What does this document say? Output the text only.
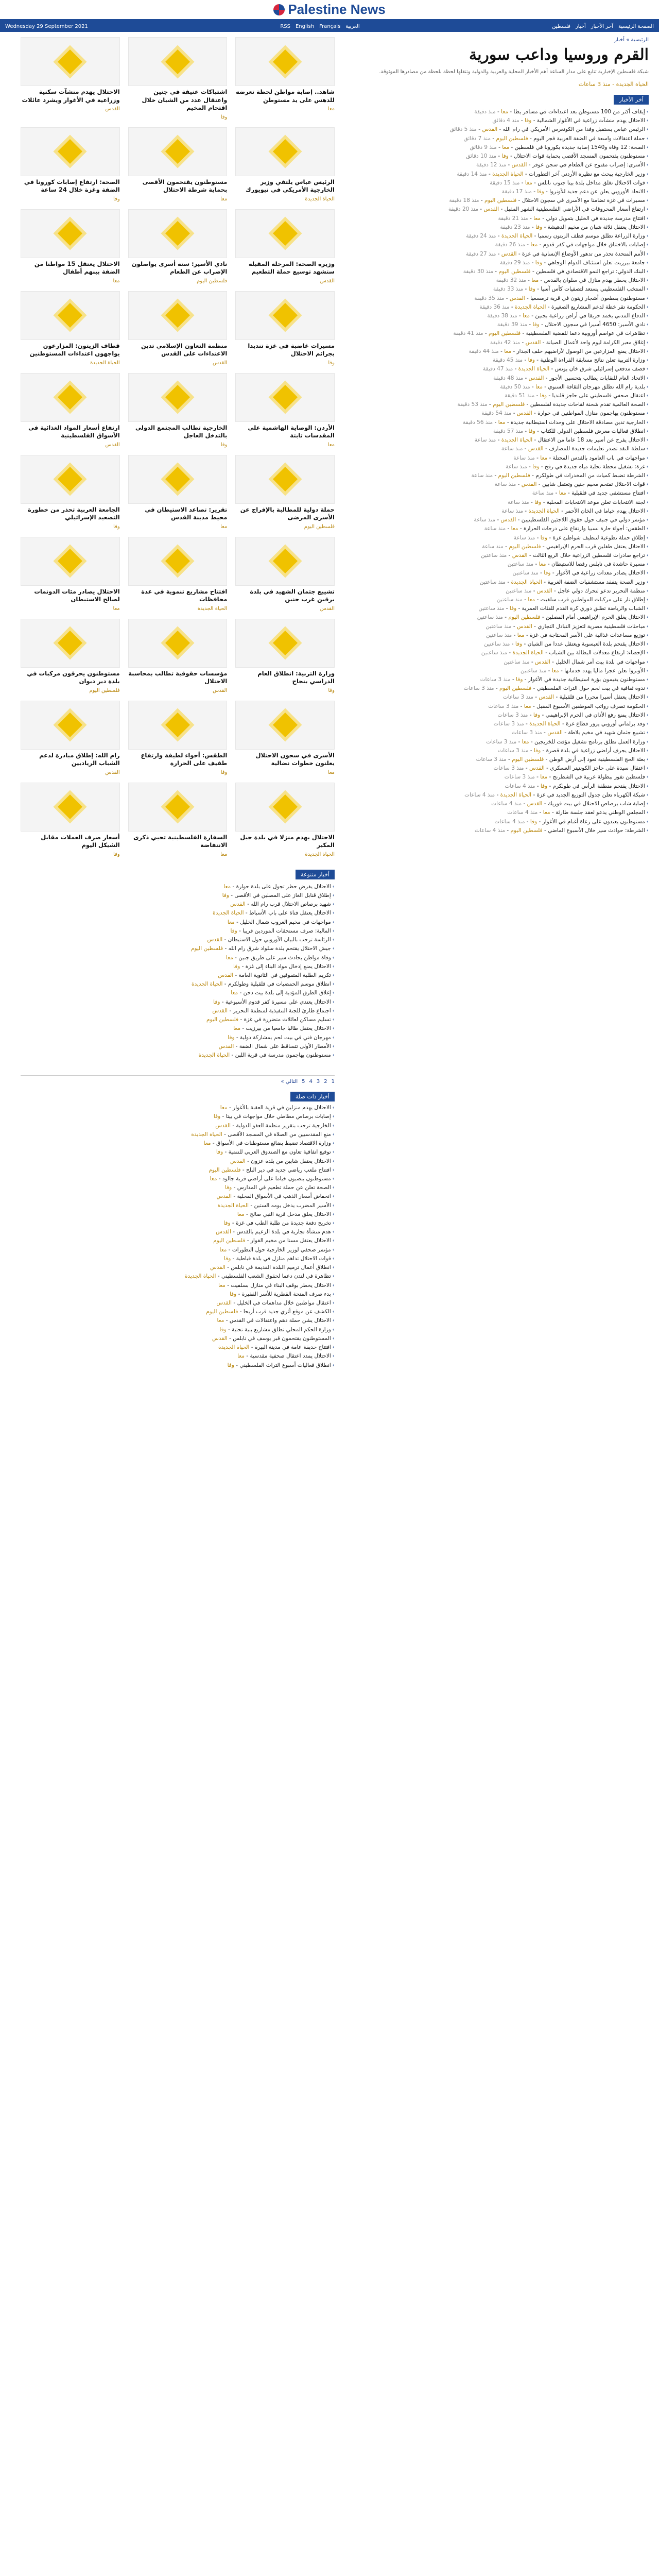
Palestine News
الصفحة الرئيسية
آخر الأخبار
أخبار
فلسطين
RSS English Français العربية
Wednesday 29 September 2021
الرئيسية » أخبار
القرم وروسيا وداعب سورية

شبكة فلسطين الإخبارية تتابع على مدار الساعة أهم الأخبار المحلية والعربية والدولية وتنقلها لحظة بلحظة من مصادرها الموثوقة.

الحياة الجديدة - منذ 3 ساعات
أخر الأخبار
›إيقاف أكثر من 100 مستوطن بعد اعتداءات في مسافر يطا - معا - منذ دقيقة
›الاحتلال يهدم منشآت زراعية في الأغوار الشمالية - وفا - منذ 4 دقائق
›الرئيس عباس يستقبل وفدا من الكونغرس الأمريكي في رام الله - القدس - منذ 5 دقائق
›حملة اعتقالات واسعة في الضفة الغربية فجر اليوم - فلسطين اليوم - منذ 7 دقائق
›الصحة: 12 وفاة و1540 إصابة جديدة بكورونا في فلسطين - معا - منذ 9 دقائق
›مستوطنون يقتحمون المسجد الأقصى بحماية قوات الاحتلال - وفا - منذ 10 دقائق
›الأسرى: إضراب مفتوح عن الطعام في سجن عوفر - القدس - منذ 12 دقيقة
›وزير الخارجية يبحث مع نظيره الأردني آخر التطورات - الحياة الجديدة - منذ 14 دقيقة
›قوات الاحتلال تغلق مداخل بلدة بيتا جنوب نابلس - معا - منذ 15 دقيقة
›الاتحاد الأوروبي يعلن عن دعم جديد للأونروا - وفا - منذ 17 دقيقة
›مسيرات في غزة تضامنا مع الأسرى في سجون الاحتلال - فلسطين اليوم - منذ 18 دقيقة
›ارتفاع أسعار المحروقات في الأراضي الفلسطينية الشهر المقبل - القدس - منذ 20 دقيقة
›افتتاح مدرسة جديدة في الخليل بتمويل دولي - معا - منذ 21 دقيقة
›الاحتلال يعتقل ثلاثة شبان من مخيم الدهيشة - وفا - منذ 23 دقيقة
›وزارة الزراعة تطلق موسم قطف الزيتون رسميا - الحياة الجديدة - منذ 24 دقيقة
›إصابات بالاختناق خلال مواجهات في كفر قدوم - معا - منذ 26 دقيقة
›الأمم المتحدة تحذر من تدهور الأوضاع الإنسانية في غزة - القدس - منذ 27 دقيقة
›جامعة بيرزيت تعلن استئناف الدوام الوجاهي - وفا - منذ 29 دقيقة
›البنك الدولي: تراجع النمو الاقتصادي في فلسطين - فلسطين اليوم - منذ 30 دقيقة
›الاحتلال يخطر بهدم منازل في سلوان بالقدس - معا - منذ 32 دقيقة
›المنتخب الفلسطيني يستعد لتصفيات كأس آسيا - وفا - منذ 33 دقيقة
›مستوطنون يقطعون أشجار زيتون في قرية ترمسعيا - القدس - منذ 35 دقيقة
›الحكومة تقر خطة لدعم المشاريع الصغيرة - الحياة الجديدة - منذ 36 دقيقة
›الدفاع المدني يخمد حريقا في أراض زراعية بجنين - معا - منذ 38 دقيقة
›نادي الأسير: 4650 أسيرا في سجون الاحتلال - وفا - منذ 39 دقيقة
›تظاهرات في عواصم أوروبية دعما للقضية الفلسطينية - فلسطين اليوم - منذ 41 دقيقة
›إغلاق معبر الكرامة ليوم واحد لأعمال الصيانة - القدس - منذ 42 دقيقة
›الاحتلال يمنع المزارعين من الوصول لأراضيهم خلف الجدار - معا - منذ 44 دقيقة
›وزارة التربية تعلن نتائج مسابقة القراءة الوطنية - وفا - منذ 45 دقيقة
›قصف مدفعي إسرائيلي شرق خان يونس - الحياة الجديدة - منذ 47 دقيقة
›الاتحاد العام للنقابات يطالب بتحسين الأجور - القدس - منذ 48 دقيقة
›بلدية رام الله تطلق مهرجان الثقافة السنوي - معا - منذ 50 دقيقة
›اعتقال صحفي فلسطيني على حاجز قلنديا - وفا - منذ 51 دقيقة
›الصحة العالمية تقدم شحنة لقاحات جديدة لفلسطين - فلسطين اليوم - منذ 53 دقيقة
›مستوطنون يهاجمون منازل المواطنين في حوارة - القدس - منذ 54 دقيقة
›الخارجية تدين مصادقة الاحتلال على وحدات استيطانية جديدة - معا - منذ 56 دقيقة
›انطلاق فعاليات معرض فلسطين الدولي للكتاب - وفا - منذ 57 دقيقة
›الاحتلال يفرج عن أسير بعد 18 عاما من الاعتقال - الحياة الجديدة - منذ ساعة
›سلطة النقد تصدر تعليمات جديدة للمصارف - القدس - منذ ساعة
›مواجهات في باب العامود بالقدس المحتلة - معا - منذ ساعة
›غزة: تشغيل محطة تحلية مياه جديدة في رفح - وفا - منذ ساعة
›الشرطة تضبط كميات من المخدرات في طولكرم - فلسطين اليوم - منذ ساعة
›قوات الاحتلال تقتحم مخيم جنين وتعتقل شابين - القدس - منذ ساعة
›افتتاح مستشفى جديد في قلقيلية - معا - منذ ساعة
›لجنة الانتخابات تعلن موعد الانتخابات المحلية - وفا - منذ ساعة
›الاحتلال يهدم خياما في الخان الأحمر - الحياة الجديدة - منذ ساعة
›مؤتمر دولي في جنيف حول حقوق اللاجئين الفلسطينيين - القدس - منذ ساعة
›الطقس: أجواء حارة نسبيا وارتفاع على درجات الحرارة - معا - منذ ساعة
›إطلاق حملة تطوعية لتنظيف شواطئ غزة - وفا - منذ ساعة
›الاحتلال يعتقل طفلين قرب الحرم الإبراهيمي - فلسطين اليوم - منذ ساعة
›تراجع صادرات فلسطين الزراعية خلال الربع الثالث - القدس - منذ ساعتين
›مسيرة حاشدة في نابلس رفضا للاستيطان - معا - منذ ساعتين
›الاحتلال يصادر معدات زراعية في الأغوار - وفا - منذ ساعتين
›وزير الصحة يتفقد مستشفيات الضفة الغربية - الحياة الجديدة - منذ ساعتين
›منظمة التحرير تدعو لتحرك دولي عاجل - القدس - منذ ساعتين
›إطلاق نار على مركبات المواطنين قرب سلفيت - معا - منذ ساعتين
›الشباب والرياضة تطلق دوري كرة القدم للفئات العمرية - وفا - منذ ساعتين
›الاحتلال يغلق الحرم الإبراهيمي أمام المصلين - فلسطين اليوم - منذ ساعتين
›مباحثات فلسطينية مصرية لتعزيز التبادل التجاري - القدس - منذ ساعتين
›توزيع مساعدات غذائية على الأسر المحتاجة في غزة - معا - منذ ساعتين
›الاحتلال يقتحم بلدة العيسوية ويعتقل عددا من الشبان - وفا - منذ ساعتين
›الإحصاء: ارتفاع معدلات البطالة بين الشباب - الحياة الجديدة - منذ ساعتين
›مواجهات في بلدة بيت أمر شمال الخليل - القدس - منذ ساعتين
›الأونروا تعلن عجزا ماليا يهدد خدماتها - معا - منذ ساعتين
›مستوطنون يقيمون بؤرة استيطانية جديدة في الأغوار - وفا - منذ 3 ساعات
›ندوة ثقافية في بيت لحم حول التراث الفلسطيني - فلسطين اليوم - منذ 3 ساعات
›الاحتلال يعتقل أسيرا محررا من قلقيلية - القدس - منذ 3 ساعات
›الحكومة تصرف رواتب الموظفين الأسبوع المقبل - معا - منذ 3 ساعات
›الاحتلال يمنع رفع الأذان في الحرم الإبراهيمي - وفا - منذ 3 ساعات
›وفد برلماني أوروبي يزور قطاع غزة - الحياة الجديدة - منذ 3 ساعات
›تشييع جثمان شهيد في مخيم بلاطة - القدس - منذ 3 ساعات
›وزارة العمل تطلق برنامج تشغيل مؤقت للخريجين - معا - منذ 3 ساعات
›الاحتلال يجرف أراضي زراعية في بلدة قصرة - وفا - منذ 3 ساعات
›بعثة الحج الفلسطينية تعود إلى أرض الوطن - فلسطين اليوم - منذ 3 ساعات
›اعتقال سيدة على حاجز الكونتينر العسكري - القدس - منذ 3 ساعات
›فلسطين تفوز ببطولة عربية في الشطرنج - معا - منذ 3 ساعات
›الاحتلال يقتحم منطقة الرأس في طولكرم - وفا - منذ 4 ساعات
›شبكة الكهرباء تعلن جدول التوزيع الجديد في غزة - الحياة الجديدة - منذ 4 ساعات
›إصابة شاب برصاص الاحتلال في بيت فوريك - القدس - منذ 4 ساعات
›المجلس الوطني يدعو لعقد جلسة طارئة - معا - منذ 4 ساعات
›مستوطنون يعتدون على رعاة أغنام في الأغوار - وفا - منذ 4 ساعات
›الشرطة: حوادث سير خلال الأسبوع الماضي - فلسطين اليوم - منذ 4 ساعات
شاهد.. إصابة مواطن لحظة تعرضه للدهس على يد مستوطن
معا
اشتباكات عنيفة في جنين واعتقال عدد من الشبان خلال اقتحام المخيم
وفا
الاحتلال يهدم منشآت سكنية وزراعية في الأغوار ويشرد عائلات
القدس
الرئيس عباس يلتقي وزير الخارجية الأمريكي في نيويورك
الحياة الجديدة
مستوطنون يقتحمون الأقصى بحماية شرطة الاحتلال
معا
الصحة: ارتفاع إصابات كورونا في الضفة وغزة خلال 24 ساعة
وفا
وزيرة الصحة: المرحلة المقبلة ستشهد توسيع حملة التطعيم
القدس
نادي الأسير: ستة أسرى يواصلون الإضراب عن الطعام
فلسطين اليوم
الاحتلال يعتقل 15 مواطنا من الضفة بينهم أطفال
معا
مسيرات غاضبة في غزة تنديدا بجرائم الاحتلال
وفا
منظمة التعاون الإسلامي تدين الاعتداءات على القدس
القدس
قطاف الزيتون: المزارعون يواجهون اعتداءات المستوطنين
الحياة الجديدة
الأردن: الوصاية الهاشمية على المقدسات ثابتة
معا
الخارجية تطالب المجتمع الدولي بالتدخل العاجل
وفا
ارتفاع أسعار المواد الغذائية في الأسواق الفلسطينية
القدس
حملة دولية للمطالبة بالإفراج عن الأسرى المرضى
فلسطين اليوم
تقرير: تصاعد الاستيطان في محيط مدينة القدس
معا
الجامعة العربية تحذر من خطورة التصعيد الإسرائيلي
وفا
تشييع جثمان الشهيد في بلدة برقين غرب جنين
القدس
افتتاح مشاريع تنموية في عدة محافظات
الحياة الجديدة
الاحتلال يصادر مئات الدونمات لصالح الاستيطان
معا
وزارة التربية: انطلاق العام الدراسي بنجاح
وفا
مؤسسات حقوقية تطالب بمحاسبة الاحتلال
القدس
مستوطنون يحرقون مركبات في بلدة دير دبوان
فلسطين اليوم
الأسرى في سجون الاحتلال يعلنون خطوات نضالية
معا
الطقس: أجواء لطيفة وارتفاع طفيف على الحرارة
وفا
رام الله: إطلاق مبادرة لدعم الشباب الرياديين
القدس
الاحتلال يهدم منزلا في بلدة جبل المكبر
الحياة الجديدة
السفارة الفلسطينية تحيي ذكرى الانتفاضة
معا
أسعار صرف العملات مقابل الشيكل اليوم
وفا
أخبار متنوعة
›الاحتلال يفرض حظر تجول على بلدة حوارة - معا
›إطلاق قنابل الغاز على المصلين في الأقصى - وفا
›شهيد برصاص الاحتلال قرب رام الله - القدس
›الاحتلال يعتقل فتاة على باب الأسباط - الحياة الجديدة
›مواجهات في مخيم العروب شمال الخليل - معا
›المالية: صرف مستحقات الموردين قريبا - وفا
›الرئاسة ترحب بالبيان الأوروبي حول الاستيطان - القدس
›جيش الاحتلال يقتحم بلدة سلواد شرق رام الله - فلسطين اليوم
›وفاة مواطن بحادث سير على طريق جنين - معا
›الاحتلال يمنع إدخال مواد البناء إلى غزة - وفا
›تكريم الطلبة المتفوقين في الثانوية العامة - القدس
›انطلاق موسم الحمضيات في قلقيلية وطولكرم - الحياة الجديدة
›إغلاق الطرق المؤدية إلى بلدة بيت دجن - معا
›الاحتلال يعتدي على مسيرة كفر قدوم الأسبوعية - وفا
›اجتماع طارئ للجنة التنفيذية لمنظمة التحرير - القدس
›تسليم مساكن لعائلات متضررة في غزة - فلسطين اليوم
›الاحتلال يعتقل طالبا جامعيا من بيرزيت - معا
›مهرجان فني في بيت لحم بمشاركة دولية - وفا
›الأمطار الأولى تتساقط على شمال الضفة - القدس
›مستوطنون يهاجمون مدرسة في قرية اللبن - الحياة الجديدة
1
2
3
4
5
التالي »
أخبار ذات صلة
›الاحتلال يهدم منزلين في قرية العقبة بالأغوار - معا
›إصابات برصاص مطاطي خلال مواجهات في بيتا - وفا
›الخارجية ترحب بتقرير منظمة العفو الدولية - القدس
›منع المقدسيين من الصلاة في المسجد الأقصى - الحياة الجديدة
›وزارة الاقتصاد تضبط بضائع مستوطنات في الأسواق - معا
›توقيع اتفاقية تعاون مع الصندوق العربي للتنمية - وفا
›الاحتلال يعتقل شابين من بلدة عزون - القدس
›افتتاح ملعب رياضي جديد في دير البلح - فلسطين اليوم
›مستوطنون ينصبون خياما على أراضي قرية جالود - معا
›الصحة تعلن عن حملة تطعيم في المدارس - وفا
›انخفاض أسعار الذهب في الأسواق المحلية - القدس
›الأسير المضرب يدخل يومه الستين - الحياة الجديدة
›الاحتلال يغلق مدخل قرية النبي صالح - معا
›تخريج دفعة جديدة من طلبة الطب في غزة - وفا
›هدم منشأة تجارية في بلدة الزعيم بالقدس - القدس
›الاحتلال يعتقل مسنا من مخيم الفوار - فلسطين اليوم
›مؤتمر صحفي لوزير الخارجية حول التطورات - معا
›قوات الاحتلال تداهم منازل في بلدة قباطية - وفا
›انطلاق أعمال ترميم البلدة القديمة في نابلس - القدس
›تظاهرة في لندن دعما لحقوق الشعب الفلسطيني - الحياة الجديدة
›الاحتلال يخطر بوقف البناء في منازل بسلفيت - معا
›بدء صرف المنحة القطرية للأسر الفقيرة - وفا
›اعتقال مواطنين خلال مداهمات في الخليل - القدس
›الكشف عن موقع أثري جديد قرب أريحا - فلسطين اليوم
›الاحتلال يشن حملة دهم واعتقالات في القدس - معا
›وزارة الحكم المحلي تطلق مشاريع بنية تحتية - وفا
›المستوطنون يقتحمون قبر يوسف في نابلس - القدس
›افتتاح حديقة عامة في مدينة البيرة - الحياة الجديدة
›الاحتلال يمدد اعتقال صحفية مقدسية - معا
›انطلاق فعاليات أسبوع التراث الفلسطيني - وفا
